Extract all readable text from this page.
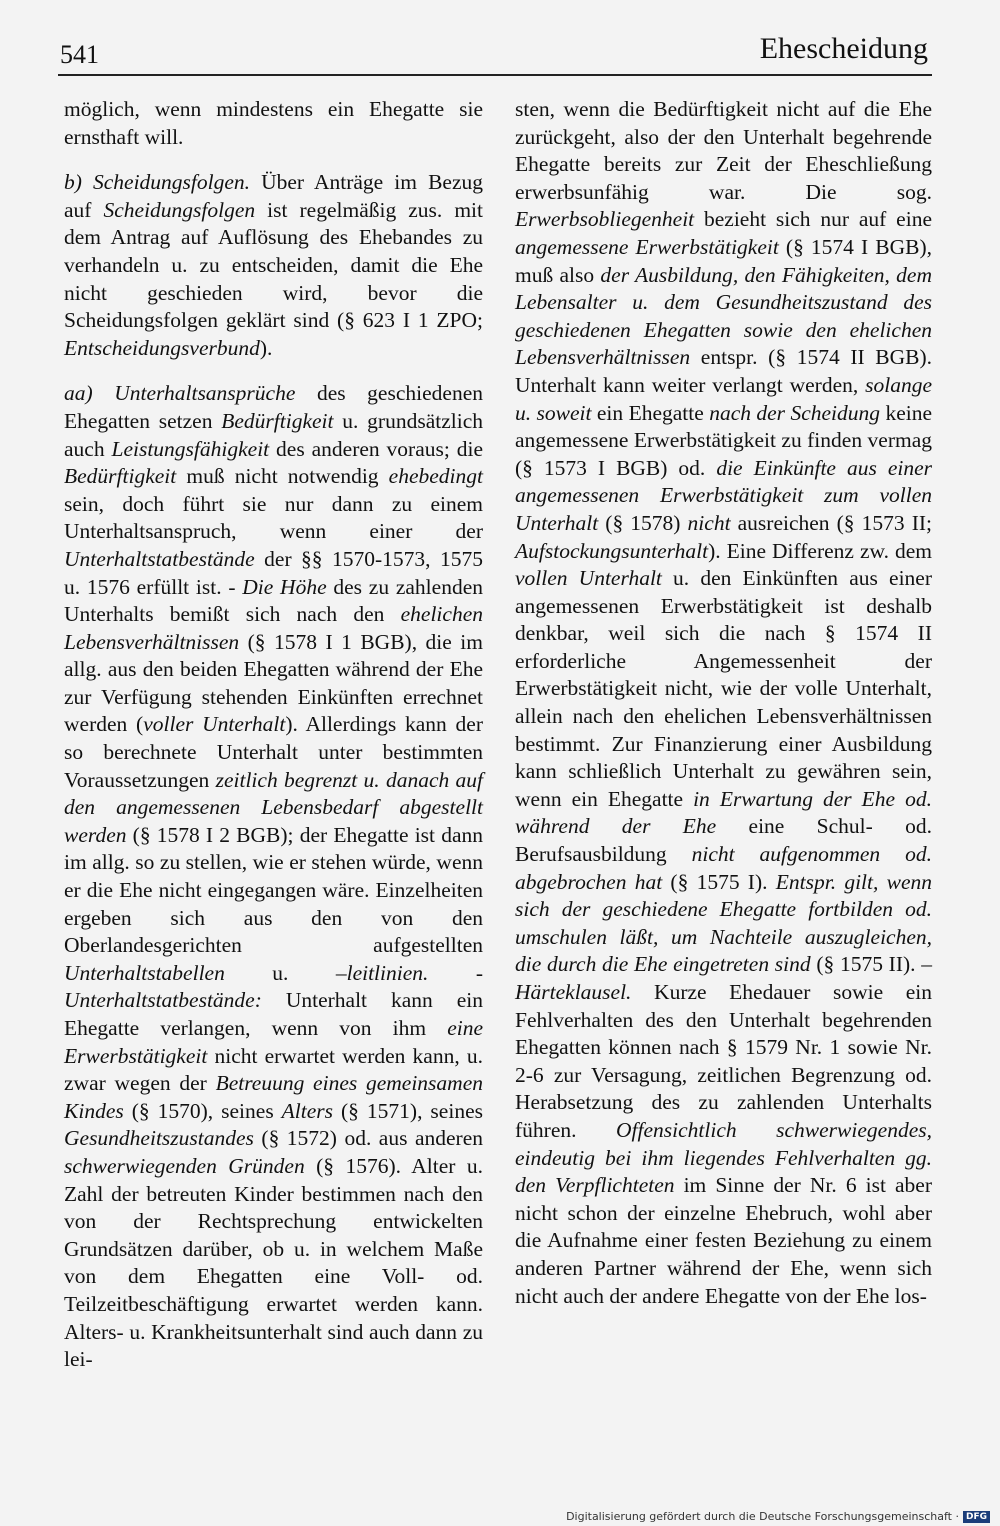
541	Ehescheidung

möglich, wenn mindestens ein Ehegatte sie ernsthaft will.

b) Scheidungsfolgen. Über Anträge im Bezug auf Scheidungsfolgen ist regelmäßig zus. mit dem Antrag auf Auflösung des Ehebandes zu verhandeln u. zu entscheiden, damit die Ehe nicht geschieden wird, bevor die Scheidungsfolgen geklärt sind (§ 623 I 1 ZPO; Entscheidungsverbund).

aa) Unterhaltsansprüche des geschiedenen Ehegatten setzen Bedürftigkeit u. grundsätzlich auch Leistungsfähigkeit des anderen voraus; die Bedürftigkeit muß nicht notwendig ehebedingt sein, doch führt sie nur dann zu einem Unterhaltsanspruch, wenn einer der Unterhaltstatbestände der §§ 1570-1573, 1575 u. 1576 erfüllt ist. - Die Höhe des zu zahlenden Unterhalts bemißt sich nach den ehelichen Lebensverhältnissen (§ 1578 I 1 BGB), die im allg. aus den beiden Ehegatten während der Ehe zur Verfügung stehenden Einkünften errechnet werden (voller Unterhalt). Allerdings kann der so berechnete Unterhalt unter bestimmten Voraussetzungen zeitlich begrenzt u. danach auf den angemessenen Lebensbedarf abgestellt werden (§ 1578 I 2 BGB); der Ehegatte ist dann im allg. so zu stellen, wie er stehen würde, wenn er die Ehe nicht eingegangen wäre. Einzelheiten ergeben sich aus den von den Oberlandesgerichten aufgestellten Unterhaltstabellen u. –leitlinien. - Unterhaltstatbestände: Unterhalt kann ein Ehegatte verlangen, wenn von ihm eine Erwerbstätigkeit nicht erwartet werden kann, u. zwar wegen der Betreuung eines gemeinsamen Kindes (§ 1570), seines Alters (§ 1571), seines Gesundheitszustandes (§ 1572) od. aus anderen schwerwiegenden Gründen (§ 1576). Alter u. Zahl der betreuten Kinder bestimmen nach den von der Rechtsprechung entwickelten Grundsätzen darüber, ob u. in welchem Maße von dem Ehegatten eine Voll- od. Teilzeitbeschäftigung erwartet werden kann. Alters- u. Krankheitsunterhalt sind auch dann zu lei-

sten, wenn die Bedürftigkeit nicht auf die Ehe zurückgeht, also der den Unterhalt begehrende Ehegatte bereits zur Zeit der Eheschließung erwerbsunfähig war. Die sog. Erwerbsobliegenheit bezieht sich nur auf eine angemessene Erwerbstätigkeit (§ 1574 I BGB), muß also der Ausbildung, den Fähigkeiten, dem Lebensalter u. dem Gesundheitszustand des geschiedenen Ehegatten sowie den ehelichen Lebensverhältnissen entspr. (§ 1574 II BGB). Unterhalt kann weiter verlangt werden, solange u. soweit ein Ehegatte nach der Scheidung keine angemessene Erwerbstätigkeit zu finden vermag (§ 1573 I BGB) od. die Einkünfte aus einer angemessenen Erwerbstätigkeit zum vollen Unterhalt (§ 1578) nicht ausreichen (§ 1573 II; Aufstockungsunterhalt). Eine Differenz zw. dem vollen Unterhalt u. den Einkünften aus einer angemessenen Erwerbstätigkeit ist deshalb denkbar, weil sich die nach § 1574 II erforderliche Angemessenheit der Erwerbstätigkeit nicht, wie der volle Unterhalt, allein nach den ehelichen Lebensverhältnissen bestimmt. Zur Finanzierung einer Ausbildung kann schließlich Unterhalt zu gewähren sein, wenn ein Ehegatte in Erwartung der Ehe od. während der Ehe eine Schul- od. Berufsausbildung nicht aufgenommen od. abgebrochen hat (§ 1575 I). Entspr. gilt, wenn sich der geschiedene Ehegatte fortbilden od. umschulen läßt, um Nachteile auszugleichen, die durch die Ehe eingetreten sind (§ 1575 II). – Härteklausel. Kurze Ehedauer sowie ein Fehlverhalten des den Unterhalt begehrenden Ehegatten können nach § 1579 Nr. 1 sowie Nr. 2-6 zur Versagung, zeitlichen Begrenzung od. Herabsetzung des zu zahlenden Unterhalts führen. Offensichtlich schwerwiegendes, eindeutig bei ihm liegendes Fehlverhalten gg. den Verpflichteten im Sinne der Nr. 6 ist aber nicht schon der einzelne Ehebruch, wohl aber die Aufnahme einer festen Beziehung zu einem anderen Partner während der Ehe, wenn sich nicht auch der andere Ehegatte von der Ehe los-

Digitalisierung gefördert durch die Deutsche Forschungsgemeinschaft · DFG
